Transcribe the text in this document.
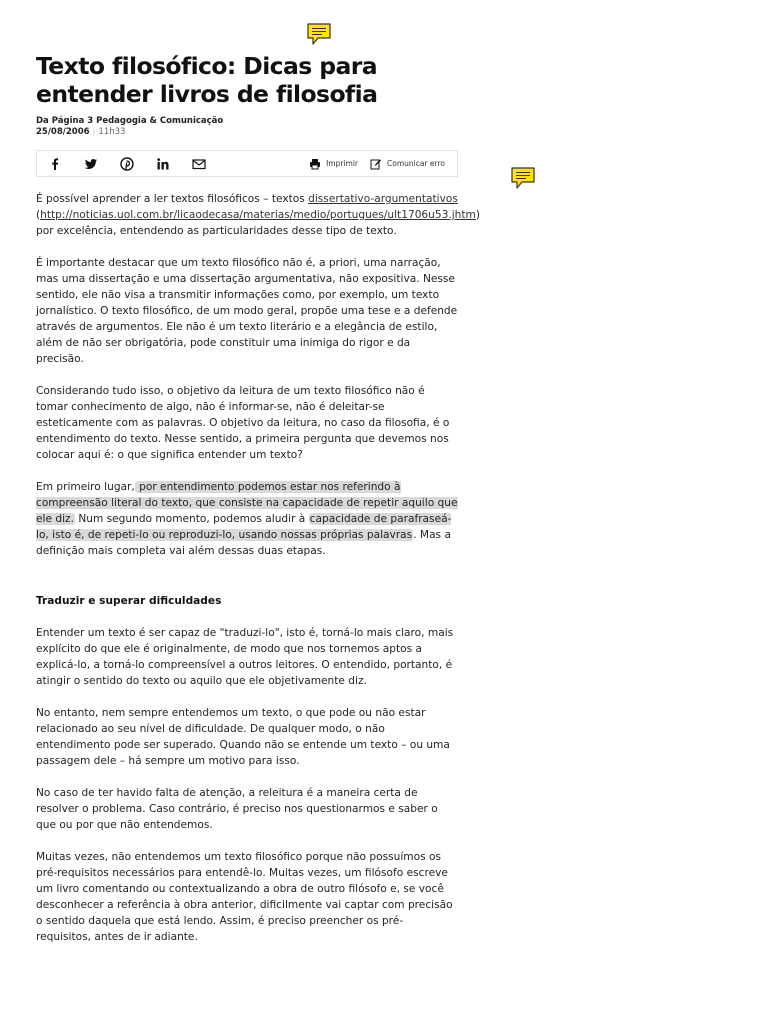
Texto filosófico: Dicas para entender livros de filosofia
Da Página 3 Pedagogia & Comunicação
25/08/2006 | 11h33
Imprimir	Comunicar erro

É possível aprender a ler textos filosóficos – textos dissertativo-argumentativos (http://noticias.uol.com.br/licaodecasa/materias/medio/portugues/ult1706u53.jhtm) por excelência, entendendo as particularidades desse tipo de texto.

É importante destacar que um texto filosófico não é, a priori, uma narração, mas uma dissertação e uma dissertação argumentativa, não expositiva. Nesse sentido, ele não visa a transmitir informações como, por exemplo, um texto jornalístico. O texto filosófico, de um modo geral, propõe uma tese e a defende através de argumentos. Ele não é um texto literário e a elegância de estilo, além de não ser obrigatória, pode constituir uma inimiga do rigor e da precisão.

Considerando tudo isso, o objetivo da leitura de um texto filosófico não é tomar conhecimento de algo, não é informar-se, não é deleitar-se esteticamente com as palavras. O objetivo da leitura, no caso da filosofia, é o entendimento do texto. Nesse sentido, a primeira pergunta que devemos nos colocar aqui é: o que significa entender um texto?

Em primeiro lugar, por entendimento podemos estar nos referindo à compreensão literal do texto, que consiste na capacidade de repetir aquilo que ele diz. Num segundo momento, podemos aludir à capacidade de parafraseá-lo, isto é, de repeti-lo ou reproduzi-lo, usando nossas próprias palavras. Mas a definição mais completa vai além dessas duas etapas.

Traduzir e superar dificuldades

Entender um texto é ser capaz de "traduzi-lo", isto é, torná-lo mais claro, mais explícito do que ele é originalmente, de modo que nos tornemos aptos a explicá-lo, a torná-lo compreensível a outros leitores. O entendido, portanto, é atingir o sentido do texto ou aquilo que ele objetivamente diz.

No entanto, nem sempre entendemos um texto, o que pode ou não estar relacionado ao seu nível de dificuldade. De qualquer modo, o não entendimento pode ser superado. Quando não se entende um texto – ou uma passagem dele – há sempre um motivo para isso.

No caso de ter havido falta de atenção, a releitura é a maneira certa de resolver o problema. Caso contrário, é preciso nos questionarmos e saber o que ou por que não entendemos.

Muitas vezes, não entendemos um texto filosófico porque não possuímos os pré-requisitos necessários para entendê-lo. Muitas vezes, um filósofo escreve um livro comentando ou contextualizando a obra de outro filósofo e, se você desconhecer a referência à obra anterior, dificilmente vai captar com precisão o sentido daquela que está lendo. Assim, é preciso preencher os pré-requisitos, antes de ir adiante.
